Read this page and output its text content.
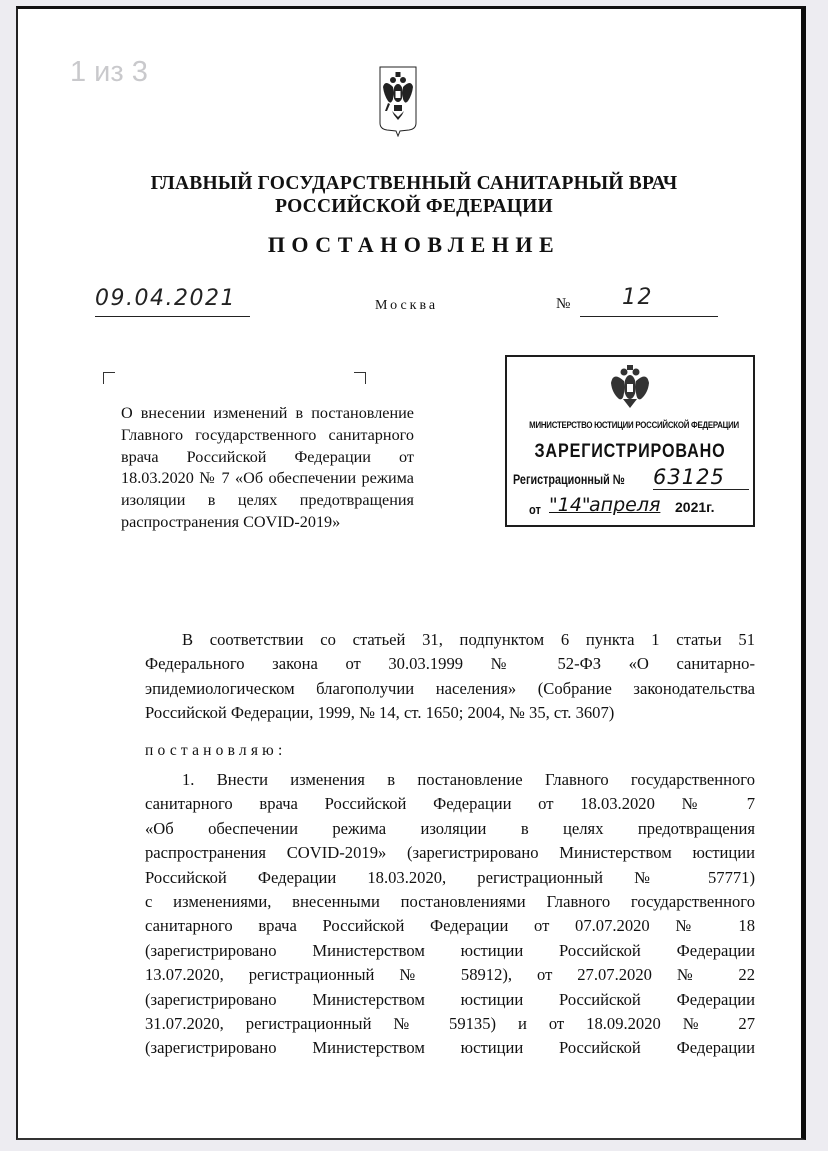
1 из 3
ГЛАВНЫЙ ГОСУДАРСТВЕННЫЙ САНИТАРНЫЙ ВРАЧ
РОССИЙСКОЙ ФЕДЕРАЦИИ
ПОСТАНОВЛЕНИЕ
09.04.2021	Москва	№ 12
О внесении изменений в постановление Главного государственного санитарного врача Российской Федерации от 18.03.2020 № 7 «Об обеспечении режима изоляции в целях предотвращения распространения COVID-2019»
МИНИСТЕРСТВО ЮСТИЦИИ РОССИЙСКОЙ ФЕДЕРАЦИИ
ЗАРЕГИСТРИРОВАНО
Регистрационный № 63125
от "14"
апреля 2021г.

В соответствии со статьей 31, подпунктом 6 пункта 1 статьи 51

Федерального закона от 30.03.1999 № 52-ФЗ «О санитарно-

эпидемиологическом благополучии населения» (Собрание законодательства

Российской Федерации, 1999, № 14, ст. 1650; 2004, № 35, ст. 3607)

постановляю:

1. Внести изменения в постановление Главного государственного

санитарного врача Российской Федерации от 18.03.2020 № 7

«Об обеспечении режима изоляции в целях предотвращения

распространения COVID-2019» (зарегистрировано Министерством юстиции

Российской Федерации 18.03.2020, регистрационный № 57771)

с изменениями, внесенными постановлениями Главного государственного

санитарного врача Российской Федерации от 07.07.2020 № 18

(зарегистрировано Министерством юстиции Российской Федерации

13.07.2020, регистрационный № 58912), от 27.07.2020 № 22

(зарегистрировано Министерством юстиции Российской Федерации

31.07.2020, регистрационный № 59135) и от 18.09.2020 № 27

(зарегистрировано Министерством юстиции Российской Федерации
